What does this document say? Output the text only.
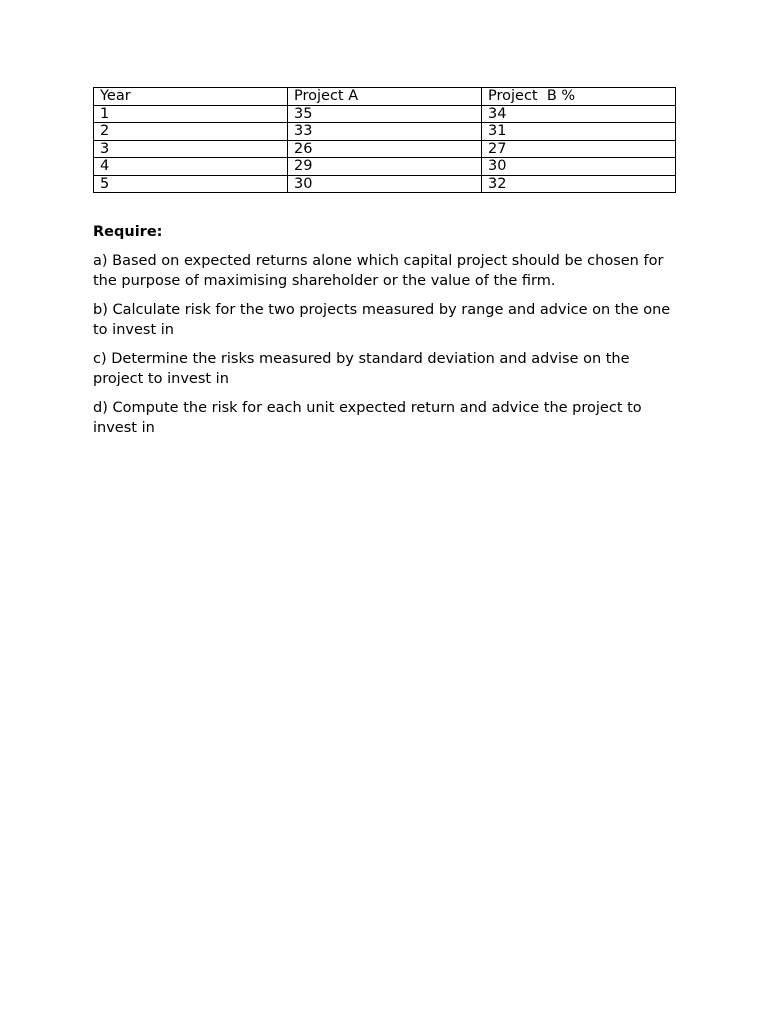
Year	Project A	Project  B %
1	35	34
2	33	31
3	26	27
4	29	30
5	30	32
Require:
a) Based on expected returns alone which capital project should be chosen for the purpose of maximising shareholder or the value of the firm.
b) Calculate risk for the two projects measured by range and advice on the one to invest in
c) Determine the risks measured by standard deviation and advise on the project to invest in
d) Compute the risk for each unit expected return and advice the project to invest in
